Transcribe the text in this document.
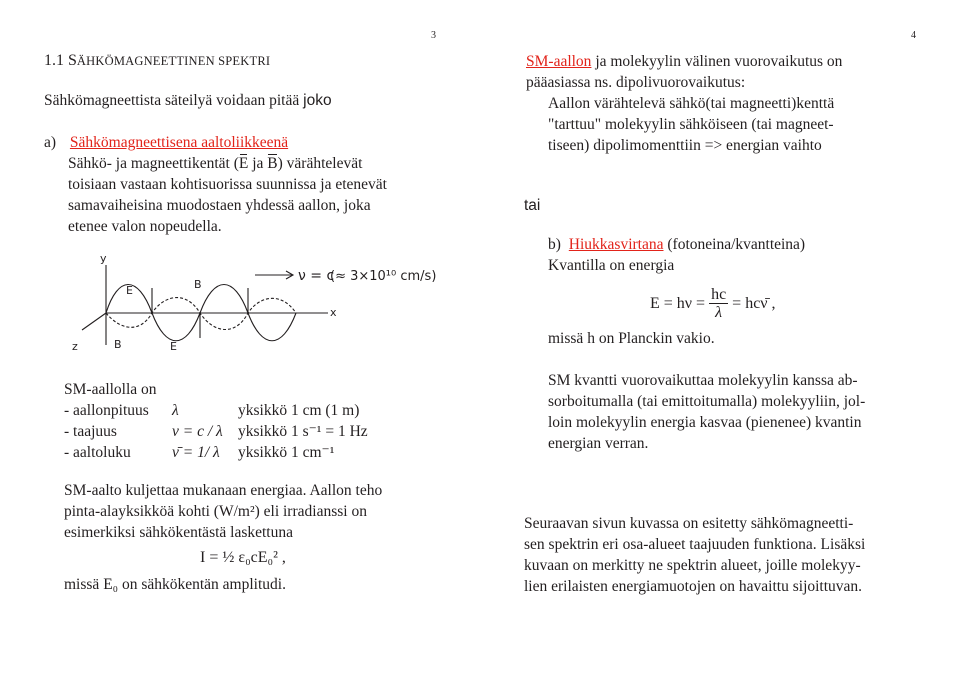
3
1.1 SÄHKÖMAGNEETTINEN SPEKTRI
Sähkömagneettista säteilyä voidaan pitää joko
a) Sähkömagneettisena aaltoliikkeenä
Sähkö- ja magneettikentät (E ja B) värähtelevät
toisiaan vastaan kohtisuorissa suunnissa ja etenevät
samavaiheisina muodostaen yhdessä aallon, joka
etenee valon nopeudella.
y
x
z
E	B
B	E
ν = c
(≈ 3×10¹⁰ cm/s)
SM-aallolla on
- aallonpituus λ	yksikkö 1 cm (1 m)
- taajuus	ν = c / λ yksikkö 1 s⁻¹ = 1 Hz
- aaltoluku	ν̄ = 1/ λ yksikkö 1 cm⁻¹
SM-aalto kuljettaa mukanaan energiaa. Aallon teho
pinta-alayksikköä kohti (W/m²) eli irradianssi on
esimerkiksi sähkökentästä laskettuna
I = ½ ε₀cE₀² ,
missä E₀ on sähkökentän amplitudi.
4
SM-aallon ja molekyylin välinen vuorovaikutus on
pääasiassa ns. dipolivuorovaikutus:
Aallon värähtelevä sähkö(tai magneetti)kenttä
"tarttuu" molekyylin sähköiseen (tai magneet-
tiseen) dipolimomenttiin => energian vaihto
tai
b) Hiukkasvirtana (fotoneina/kvantteina)
Kvantilla on energia
$E = h\nu = \frac{hc}{\lambda}$ = hcν̄ ,
missä h on Planckin vakio.
SM kvantti vuorovaikuttaa molekyylin kanssa ab-
sorboitumalla (tai emittoitumalla) molekyyliin, jol-
loin molekyylin energia kasvaa (pienenee) kvantin
energian verran.
Seuraavan sivun kuvassa on esitetty sähkömagneetti-
sen spektrin eri osa-alueet taajuuden funktiona. Lisäksi
kuvaan on merkitty ne spektrin alueet, joille molekyy-
lien erilaisten energiamuotojen on havaittu sijoittuvan.
